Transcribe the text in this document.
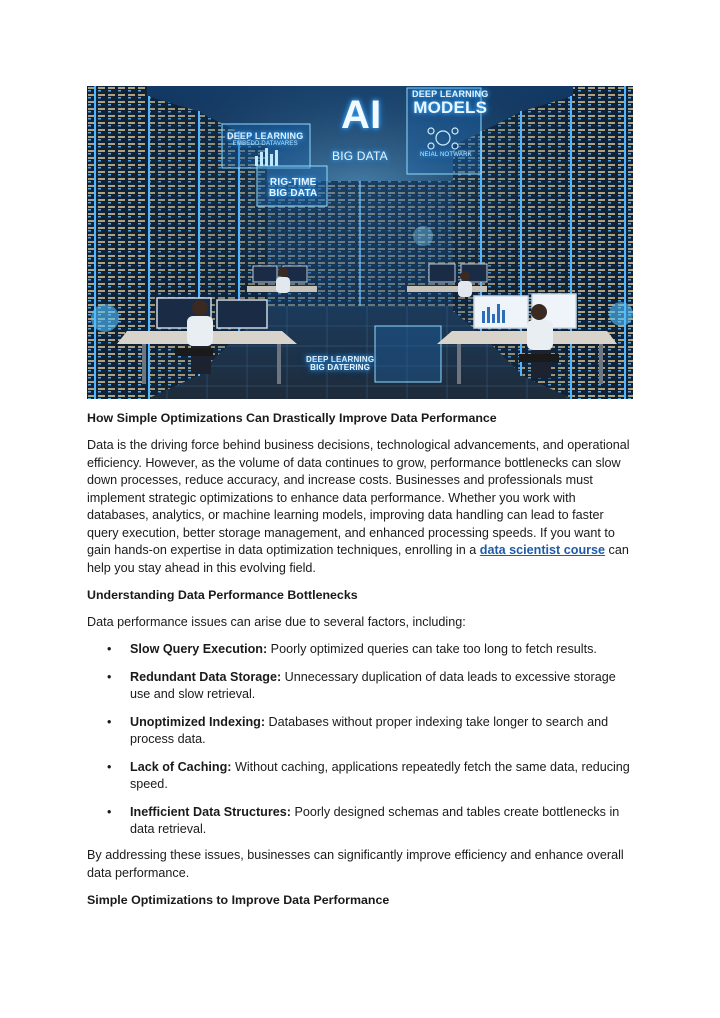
AI
BIG DATA
DEEP LEARNING
MODELS
DEEP LEARNING
EMBEDD DATAVARES
NEIAL NOTWARK
RIG-TIME
BIG DATA
DEEP LEARNING
BIG DATERING
How Simple Optimizations Can Drastically Improve Data Performance

Data is the driving force behind business decisions, technological advancements, and operational efficiency. However, as the volume of data continues to grow, performance bottlenecks can slow down processes, reduce accuracy, and increase costs. Businesses and professionals must implement strategic optimizations to enhance data performance. Whether you work with databases, analytics, or machine learning models, improving data handling can lead to faster query execution, better storage management, and enhanced processing speeds. If you want to gain hands-on expertise in data optimization techniques, enrolling in a data scientist course can help you stay ahead in this evolving field.

Understanding Data Performance Bottlenecks
Data performance issues can arise due to several factors, including:
• Slow Query Execution: Poorly optimized queries can take too long to fetch results.
• Redundant Data Storage: Unnecessary duplication of data leads to excessive storage use and slow retrieval.
• Unoptimized Indexing: Databases without proper indexing take longer to search and process data.
• Lack of Caching: Without caching, applications repeatedly fetch the same data, reducing speed.
• Inefficient Data Structures: Poorly designed schemas and tables create bottlenecks in data retrieval.
By addressing these issues, businesses can significantly improve efficiency and enhance overall data performance.
Simple Optimizations to Improve Data Performance
